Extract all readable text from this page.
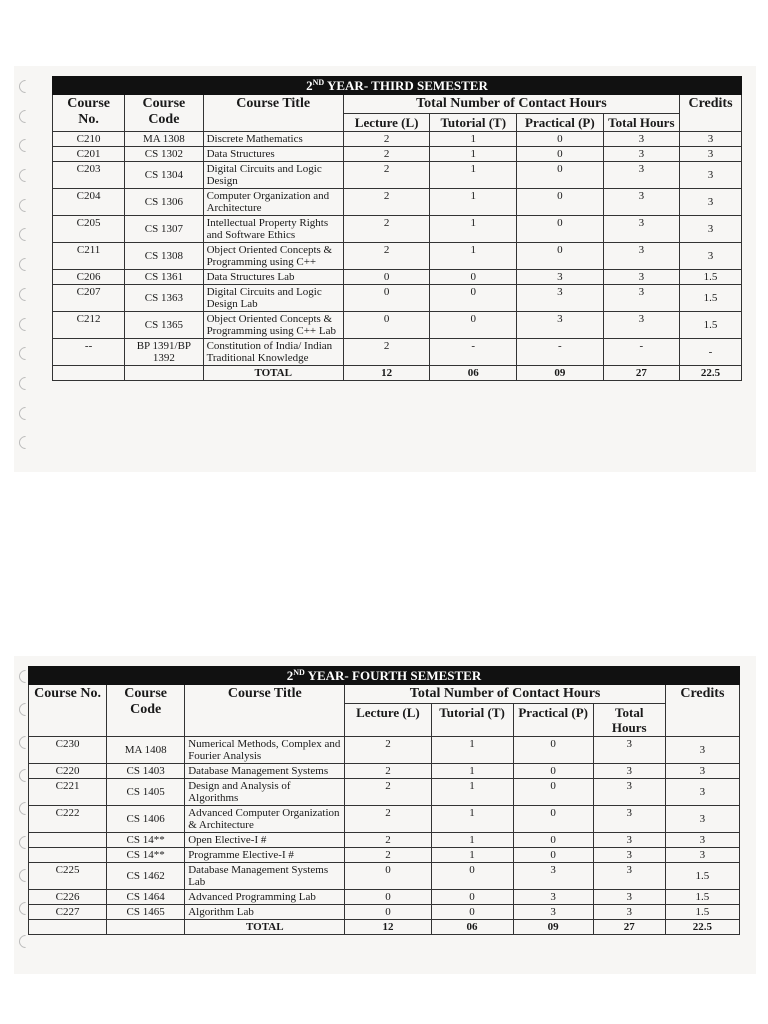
2ND YEAR- THIRD SEMESTER							
Course No.	Course Code	Course Title	Total Number of Contact Hours				Credits
			Lecture (L)	Tutorial (T)	Practical (P)	Total Hours	
C210	MA 1308	Discrete Mathematics	2	1	0	3	3
C201	CS 1302	Data Structures	2	1	0	3	3
C203	CS 1304	Digital Circuits and Logic Design	2	1	0	3	3
C204	CS 1306	Computer Organization and Architecture	2	1	0	3	3
C205	CS 1307	Intellectual Property Rights and Software Ethics	2	1	0	3	3
C211	CS 1308	Object Oriented Concepts & Programming using C++	2	1	0	3	3
C206	CS 1361	Data Structures Lab	0	0	3	3	1.5
C207	CS 1363	Digital Circuits and Logic Design Lab	0	0	3	3	1.5
C212	CS 1365	Object Oriented Concepts & Programming using C++ Lab	0	0	3	3	1.5
--	BP 1391/BP 1392	Constitution of India/ Indian Traditional Knowledge	2	-	-	-	-
		TOTAL	12	06	09	27	22.5
2ND YEAR- FOURTH SEMESTER							
Course No.	Course Code	Course Title	Total Number of Contact Hours				Credits
			Lecture (L)	Tutorial (T)	Practical (P)	Total Hours	
C230	MA 1408	Numerical Methods, Complex and Fourier Analysis	2	1	0	3	3
C220	CS 1403	Database Management Systems	2	1	0	3	3
C221	CS 1405	Design and Analysis of Algorithms	2	1	0	3	3
C222	CS 1406	Advanced Computer Organization & Architecture	2	1	0	3	3
	CS 14**	Open Elective-I #	2	1	0	3	3
	CS 14**	Programme Elective-I #	2	1	0	3	3
C225	CS 1462	Database Management Systems Lab	0	0	3	3	1.5
C226	CS 1464	Advanced Programming Lab	0	0	3	3	1.5
C227	CS 1465	Algorithm Lab	0	0	3	3	1.5
		TOTAL	12	06	09	27	22.5
